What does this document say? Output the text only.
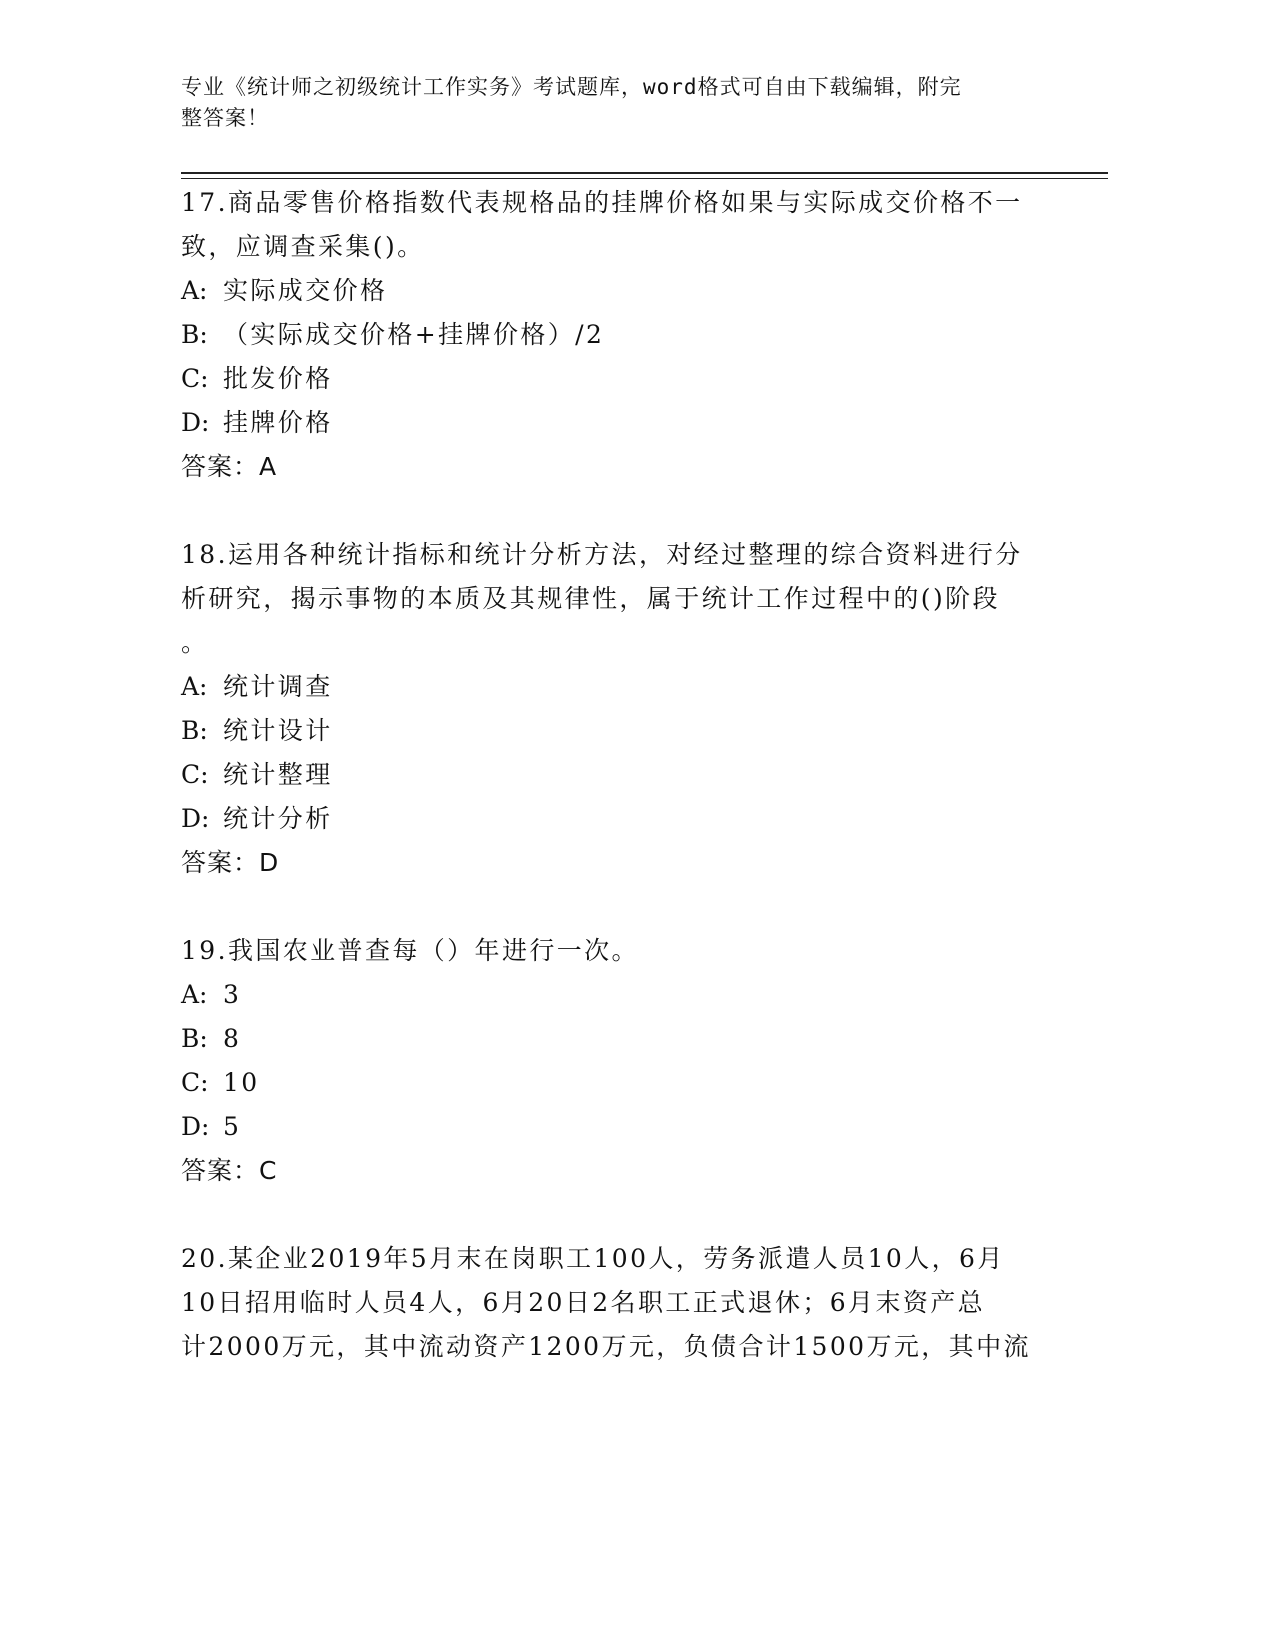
专业《统计师之初级统计工作实务》考试题库，word格式可自由下载编辑，附完
整答案！
17.商品零售价格指数代表规格品的挂牌价格如果与实际成交价格不一
致，应调查采集()。
A: 实际成交价格
B: （实际成交价格+挂牌价格）/2
C: 批发价格
D: 挂牌价格
答案：A
18.运用各种统计指标和统计分析方法，对经过整理的综合资料进行分
析研究，揭示事物的本质及其规律性，属于统计工作过程中的()阶段
。
A: 统计调查
B: 统计设计
C: 统计整理
D: 统计分析
答案：D
19.我国农业普查每（）年进行一次。
A: 3
B: 8
C: 10
D: 5
答案：C
20.某企业2019年5月末在岗职工100人，劳务派遣人员10人，6月
10日招用临时人员4人，6月20日2名职工正式退休；6月末资产总
计2000万元，其中流动资产1200万元，负债合计1500万元，其中流
